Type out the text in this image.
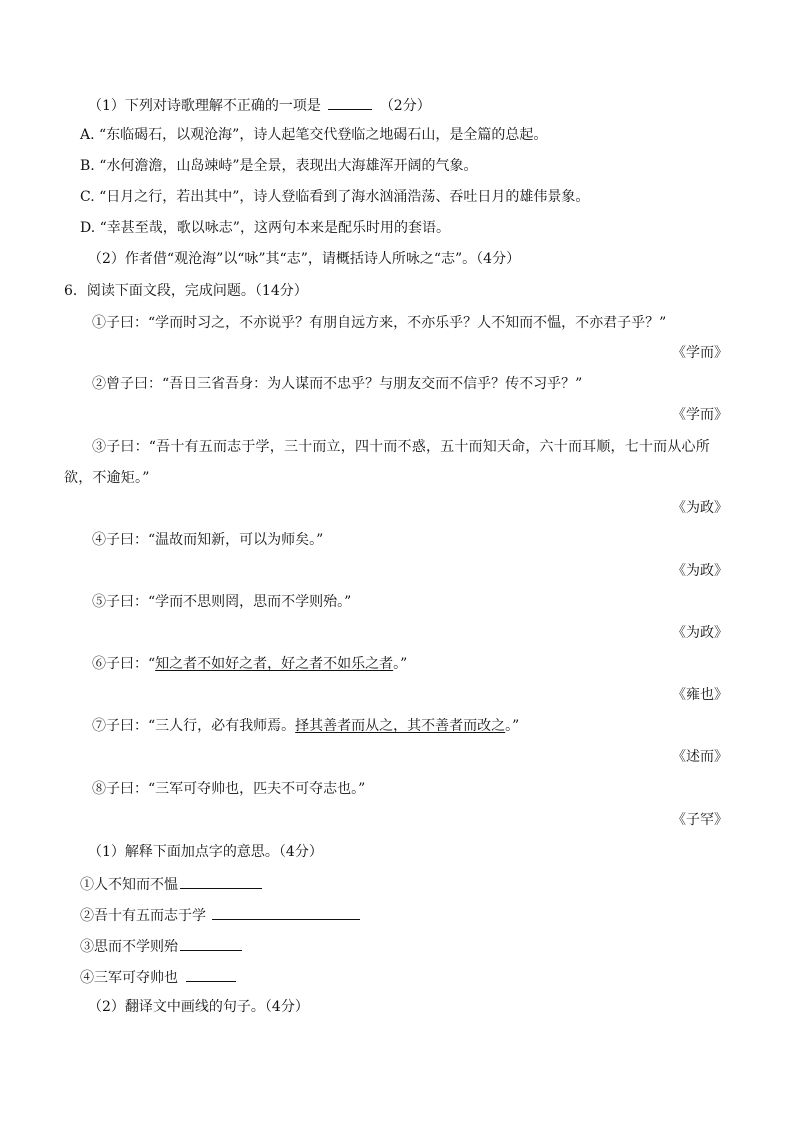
（1）下列对诗歌理解不正确的一项是	（2分）
A. “东临碣石，以观沧海”，诗人起笔交代登临之地碣石山，是全篇的总起。
B. “水何澹澹，山岛竦峙”是全景，表现出大海雄浑开阔的气象。
C. “日月之行，若出其中”，诗人登临看到了海水汹涌浩荡、吞吐日月的雄伟景象。
D. “幸甚至哉，歌以咏志”，这两句本来是配乐时用的套语。
（2）作者借“观沧海”以“咏”其“志”，请概括诗人所咏之“志”。（4分）
6．阅读下面文段，完成问题。（14分）
①子曰：“学而时习之，不亦说乎？有朋自远方来，不亦乐乎？人不知而不愠，不亦君子乎？”
《学而》
②曾子曰：“吾日三省吾身：为人谋而不忠乎？与朋友交而不信乎？传不习乎？”
《学而》
③子曰：“吾十有五而志于学，三十而立，四十而不惑，五十而知天命，六十而耳顺，七十而从心所欲，不逾矩。”
《为政》
④子曰：“温故而知新，可以为师矣。”
《为政》
⑤子曰：“学而不思则罔，思而不学则殆。”
《为政》
⑥子曰：“知之者不如好之者，好之者不如乐之者。”
《雍也》
⑦子曰：“三人行，必有我师焉。择其善者而从之，其不善者而改之。”
《述而》
⑧子曰：“三军可夺帅也，匹夫不可夺志也。”
《子罕》
（1）解释下面加点字的意思。（4分）
①人不知而不愠
②吾十有五而志于学
③思而不学则殆
④三军可夺帅也
（2）翻译文中画线的句子。（4分）
